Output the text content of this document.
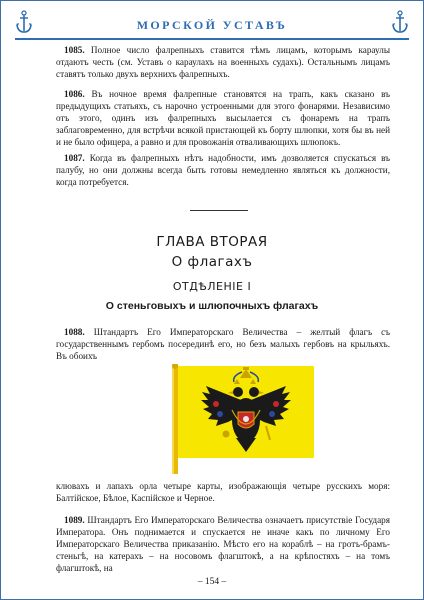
МОРСКОЙ УСТАВЪ

1085. Полное число фалрепныхъ ставится тѣмъ лицамъ, которымъ караулы отдаютъ честь (см. Уставъ о караулахъ на военныхъ судахъ). Остальнымъ лицамъ ставятъ только двухъ верхнихъ фалрепныхъ.

1086. Въ ночное время фалрепные становятся на трапъ, какъ сказано въ предыдущихъ статьяхъ, съ нарочно устроенными для этого фонарями. Независимо отъ этого, одинъ изъ фалрепныхъ высылается съ фонаремъ на трапъ заблаговременно, для встрѣчи всякой пристающей къ борту шлюпки, хотя бы въ ней и не было офицера, а равно и для провожанія отваливающихъ шлюпокъ.

1087. Когда въ фалрепныхъ нѣтъ надобности, имъ дозволяется спускаться въ палубу, но они должны всегда быть готовы немедленно являться къ должности, когда потребуется.

ГЛАВА ВТОРАЯ
О флагахъ
ОТДѢЛЕНІЕ I
О стеньговыхъ и шлюпочныхъ флагахъ

1088. Штандартъ Его Императорскаго Величества – желтый флагъ съ государственнымъ гербомъ посерединѣ его, но безъ малыхъ гербовъ на крыльяхъ. Въ обоихъ

клювахъ и лапахъ орла четыре карты, изображающія четыре русскихъ моря: Балтійское, Бѣлое, Каспійское и Черное.

1089. Штандартъ Его Императорскаго Величества означаетъ присутствіе Государя Императора. Онъ поднимается и спускается не иначе какъ по личному Его Императорскаго Величества приказанію. Мѣсто его на кораблѣ – на гротъ-брамъ-стеньгѣ, на катерахъ – на носовомъ флагштокѣ, а на крѣпостяхъ – на томъ флагштокѣ, на

– 154 –
